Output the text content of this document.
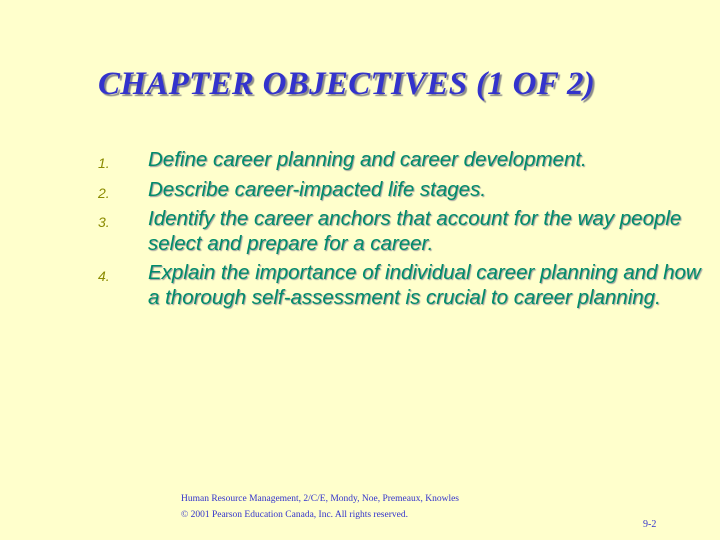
CHAPTER OBJECTIVES (1 OF 2)
1. Define career planning and career development.
2. Describe career-impacted life stages.
3. Identify the career anchors that account for the way people select and prepare for a career.
4. Explain the importance of individual career planning and how a thorough self-assessment is crucial to career planning.
Human Resource Management, 2/C/E, Mondy, Noe, Premeaux, Knowles
© 2001 Pearson Education Canada, Inc. All rights reserved.
9-2
